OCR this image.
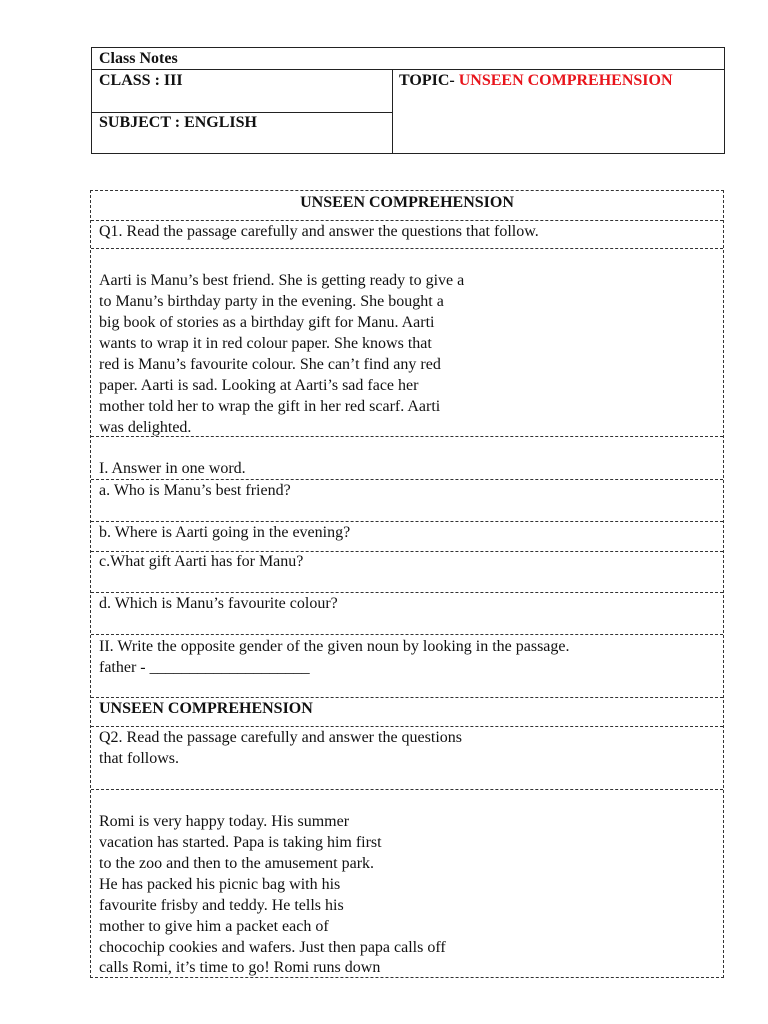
Class Notes
CLASS : III
SUBJECT : ENGLISH
TOPIC- UNSEEN COMPREHENSION
UNSEEN COMPREHENSION
Q1. Read the passage carefully and answer the questions that follow.
Aarti is Manu’s best friend. She is getting ready to give a
to Manu’s birthday party in the evening. She bought a
big book of stories as a birthday gift for Manu. Aarti
wants to wrap it in red colour paper. She knows that
red is Manu’s favourite colour. She can’t find any red
paper. Aarti is sad. Looking at Aarti’s sad face her
mother told her to wrap the gift in her red scarf. Aarti
was delighted.
I. Answer in one word.
a. Who is Manu’s best friend?
b. Where is Aarti going in the evening?
c.What gift Aarti has for Manu?
d. Which is Manu’s favourite colour?
II. Write the opposite gender of the given noun by looking in the passage.
father - ____________________
UNSEEN COMPREHENSION
Q2. Read the passage carefully and answer the questions
that follows.
Romi is very happy today. His summer
vacation has started. Papa is taking him first
to the zoo and then to the amusement park.
He has packed his picnic bag with his
favourite frisby and teddy. He tells his
mother to give him a packet each of
chocochip cookies and wafers. Just then papa calls off
calls Romi, it’s time to go! Romi runs down
